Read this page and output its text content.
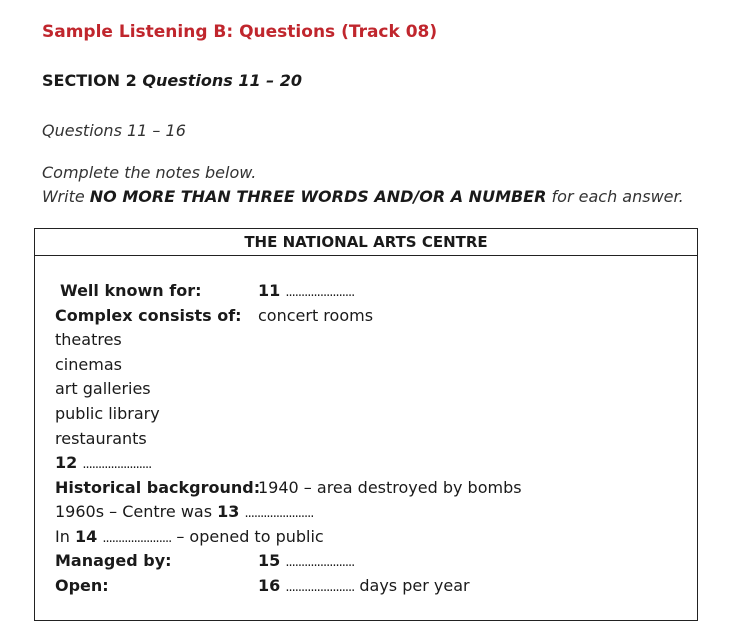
Sample Listening B: Questions (Track 08)
SECTION 2 Questions 11 – 20
Questions 11 – 16
Complete the notes below.
Write NO MORE THAN THREE WORDS AND/OR A NUMBER for each answer.
THE NATIONAL ARTS CENTRE
Well known for:	11 ......................
Complex consists of: concert rooms
theatres
cinemas
art galleries
public library
restaurants
12 ......................
Historical background:
1940 – area destroyed by bombs
1960s – Centre was 13 ......................
In 14 ...................... – opened to public
Managed by:	15 ......................
Open:	16 ...................... days per year
